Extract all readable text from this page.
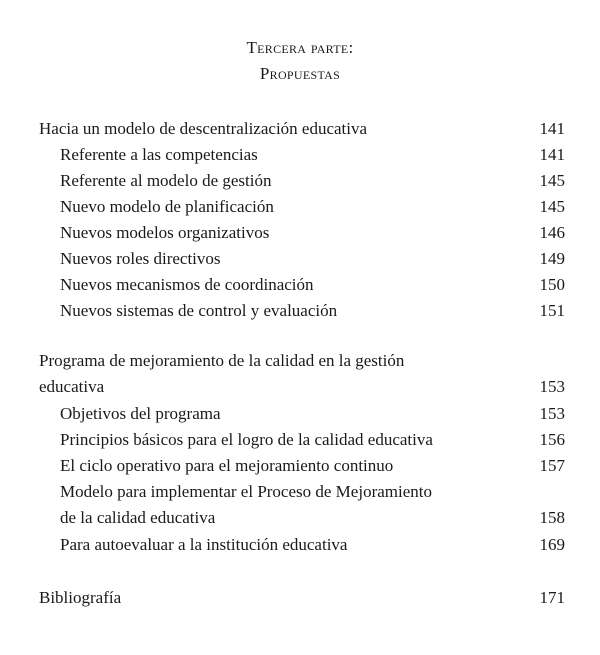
Tercera parte:
Propuestas
Hacia un modelo de descentralización educativa	141
Referente a las competencias	141
Referente al modelo de gestión	145
Nuevo modelo de planificación	145
Nuevos modelos organizativos	146
Nuevos roles directivos	149
Nuevos mecanismos de coordinación	150
Nuevos sistemas de control y evaluación	151
Programa de mejoramiento de la calidad en la gestión
educativa	153
Objetivos del programa	153
Principios básicos para el logro de la calidad educativa	156
El ciclo operativo para el mejoramiento continuo	157
Modelo para implementar el Proceso de Mejoramiento
de la calidad educativa	158
Para autoevaluar a la institución educativa	169
Bibliografía	171
